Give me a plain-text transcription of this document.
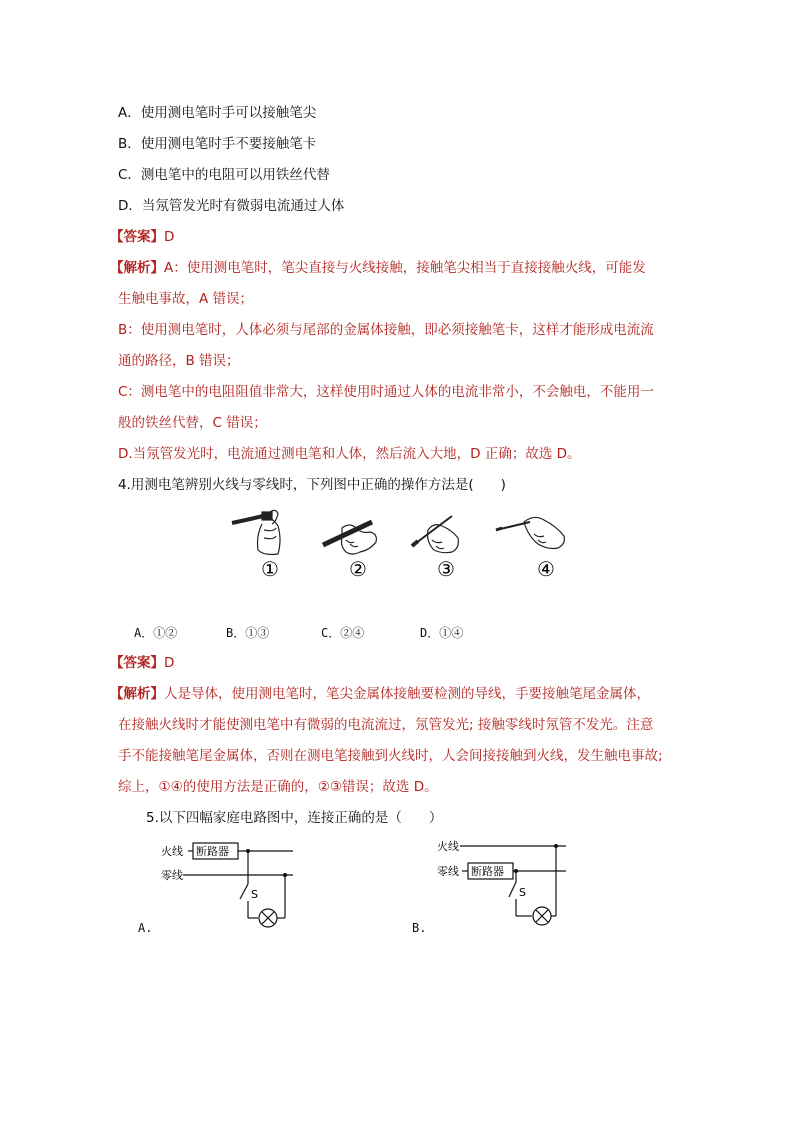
A．使用测电笔时手可以接触笔尖
B．使用测电笔时手不要接触笔卡
C．测电笔中的电阻可以用铁丝代替
D．当氖管发光时有微弱电流通过人体
【答案】D
【解析】A：使用测电笔时，笔尖直接与火线接触，接触笔尖相当于直接接触火线，可能发
生触电事故，A 错误；
B：使用测电笔时，人体必须与尾部的金属体接触，即必须接触笔卡，这样才能形成电流流
通的路径，B 错误；
C：测电笔中的电阻阻值非常大，这样使用时通过人体的电流非常小，不会触电，不能用一
般的铁丝代替，C 错误；
D.当氖管发光时，电流通过测电笔和人体，然后流入大地，D 正确；故选 D。
4.用测电笔辨别火线与零线时，下列图中正确的操作方法是(　　)
①	②	③	④
A．①②	B．①③	C．②④	D．①④
【答案】D
【解析】人是导体，使用测电笔时，笔尖金属体接触要检测的导线，手要接触笔尾金属体，
在接触火线时才能使测电笔中有微弱的电流流过，氖管发光; 接触零线时氖管不发光。注意
手不能接触笔尾金属体，否则在测电笔接触到火线时，人会间接接触到火线，发生触电事故;
综上，①④的使用方法是正确的，②③错误；故选 D。
5.以下四幅家庭电路图中，连接正确的是（　　）
火线
零线
断路器
S
A.
火线
零线 断路器
S
B.
